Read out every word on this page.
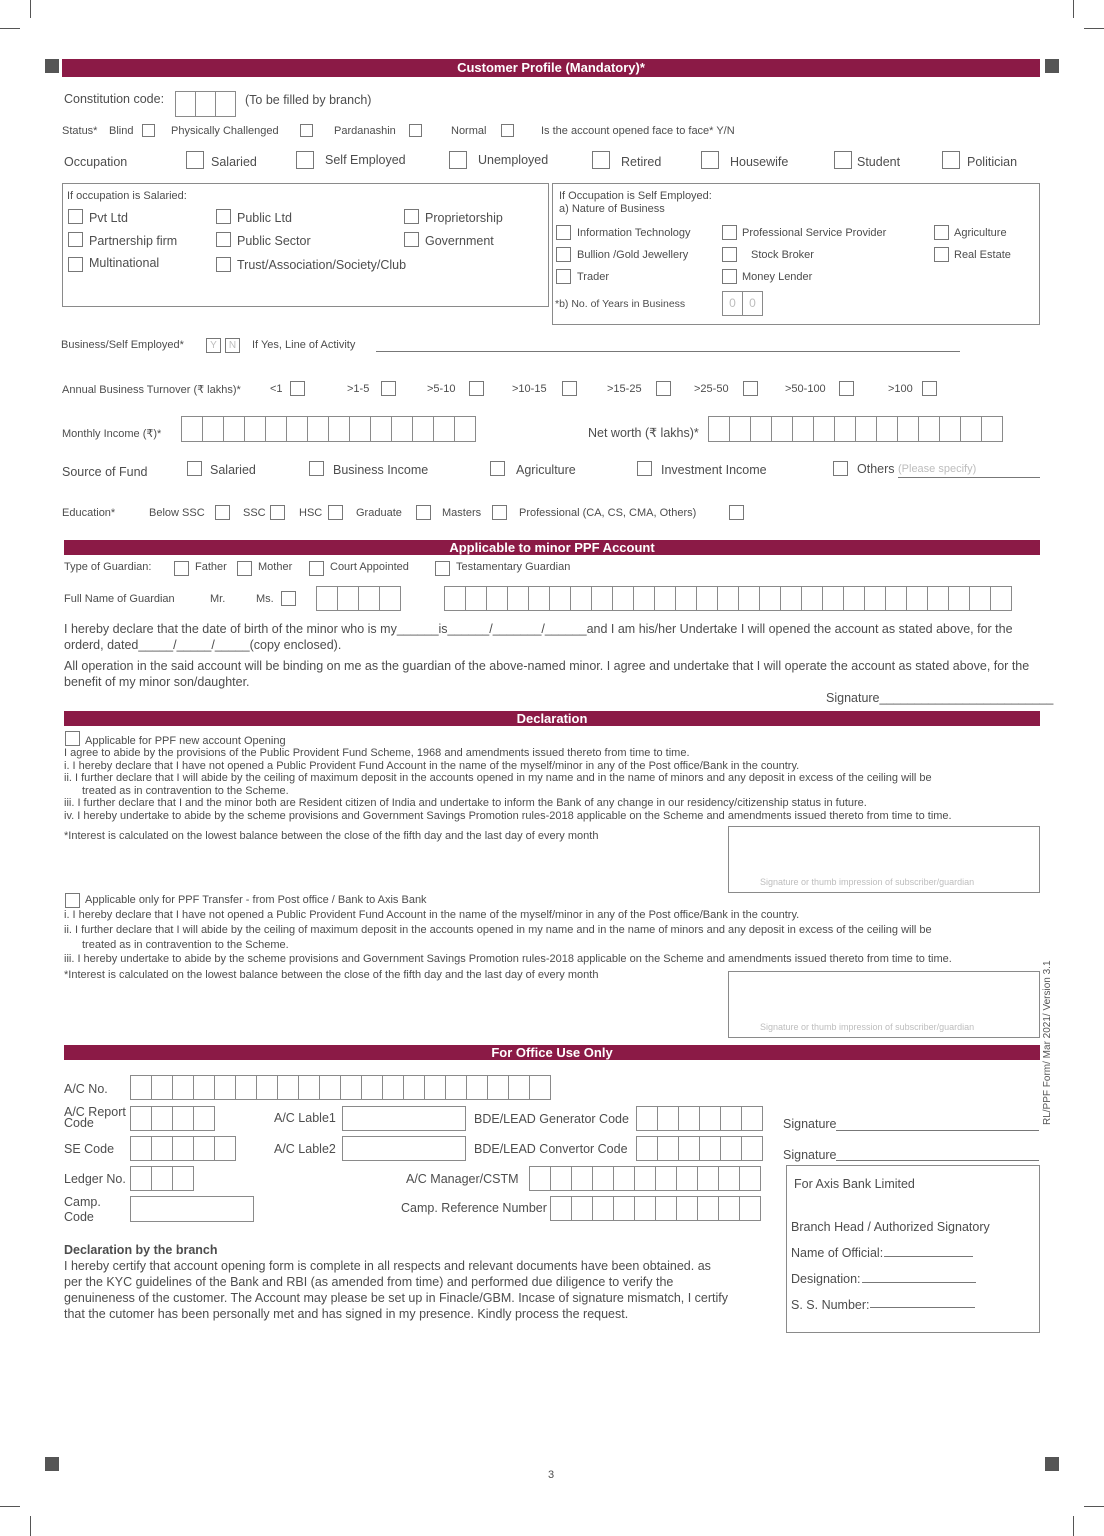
Customer Profile (Mandatory)*
Constitution code:	(To be filled by branch)
Status* Blind	Physically Challenged	Pardanashin	Normal	Is the account opened face to face* Y/N
Occupation	Salaried	Self Employed	Unemployed	Retired	Housewife	Student	Politician
If occupation is Salaried:
Pvt Ltd	Public Ltd	Proprietorship
Partnership firm	Public Sector	Government
Multinational	Trust/Association/Society/Club
If Occupation is Self Employed:
a) Nature of Business
Information Technology	Professional Service Provider	Agriculture
Bullion /Gold Jewellery	Stock Broker	Real Estate
Trader	Money Lender
*b) No. of Years in Business	0	0
Business/Self Employed*	Y	N	If Yes, Line of Activity
Annual Business Turnover (₹ lakhs)*	<1	>1-5	>5-10	>10-15	>15-25	>25-50	>50-100	>100
Monthly Income (₹)*	Net worth (₹ lakhs)*
Source of Fund	Salaried	Business Income	Agriculture	Investment Income	Others (Please specify)
Education*	Below SSC	SSC	HSC	Graduate	Masters	Professional (CA, CS, CMA, Others)
Applicable to minor PPF Account
Type of Guardian:	Father	Mother	Court Appointed	Testamentary Guardian
Full Name of Guardian	Mr.	Ms.
I hereby declare that the date of birth of the minor who is my______is______/_______/______and I am his/her Undertake I will opened the account as stated above, for the orderd, dated_____/_____/_____(copy enclosed).
All operation in the said account will be binding on me as the guardian of the above-named minor. I agree and undertake that I will operate the account as stated above, for the benefit of my minor son/daughter.
Signature_________________________
Declaration
Applicable for PPF new account Opening
I agree to abide by the provisions of the Public Provident Fund Scheme, 1968 and amendments issued thereto from time to time.
i. I hereby declare that I have not opened a Public Provident Fund Account in the name of the myself/minor in any of the Post office/Bank in the country.
ii. I further declare that I will abide by the ceiling of maximum deposit in the accounts opened in my name and in the name of minors and any deposit in excess of the ceiling will be
treated as in contravention to the Scheme.
iii. I further declare that I and the minor both are Resident citizen of India and undertake to inform the Bank of any change in our residency/citizenship status in future.
iv. I hereby undertake to abide by the scheme provisions and Government Savings Promotion rules-2018 applicable on the Scheme and amendments issued thereto from time to time.
*Interest is calculated on the lowest balance between the close of the fifth day and the last day of every month
Signature or thumb impression of subscriber/guardian
Applicable only for PPF Transfer - from Post office / Bank to Axis Bank
i. I hereby declare that I have not opened a Public Provident Fund Account in the name of the myself/minor in any of the Post office/Bank in the country.
ii. I further declare that I will abide by the ceiling of maximum deposit in the accounts opened in my name and in the name of minors and any deposit in excess of the ceiling will be
treated as in contravention to the Scheme.
iii. I hereby undertake to abide by the scheme provisions and Government Savings Promotion rules-2018 applicable on the Scheme and amendments issued thereto from time to time.
*Interest is calculated on the lowest balance between the close of the fifth day and the last day of every month
Signature or thumb impression of subscriber/guardian
For Office Use Only
A/C No.
A/C Report
Code	A/C Lable1	BDE/LEAD Generator Code
SE Code	A/C Lable2	BDE/LEAD Convertor Code
Signature
Signature
Ledger No.	A/C Manager/CSTM
Camp.
Code
Camp. Reference Number
Declaration by the branch
I hereby certify that account opening form is complete in all respects and relevant documents have been obtained. as per the KYC guidelines of the Bank and RBI (as amended from time) and performed due diligence to verify the genuineness of the customer. The Account may please be set up in Finacle/GBM. Incase of signature mismatch, I certify that the cutomer has been personally met and has signed in my presence. Kindly process the request.
For Axis Bank Limited
Branch Head / Authorized Signatory
Name of Official:
Designation:
S. S. Number:
RL/PPF Form/ Mar 2021/ Version 3.1
3
